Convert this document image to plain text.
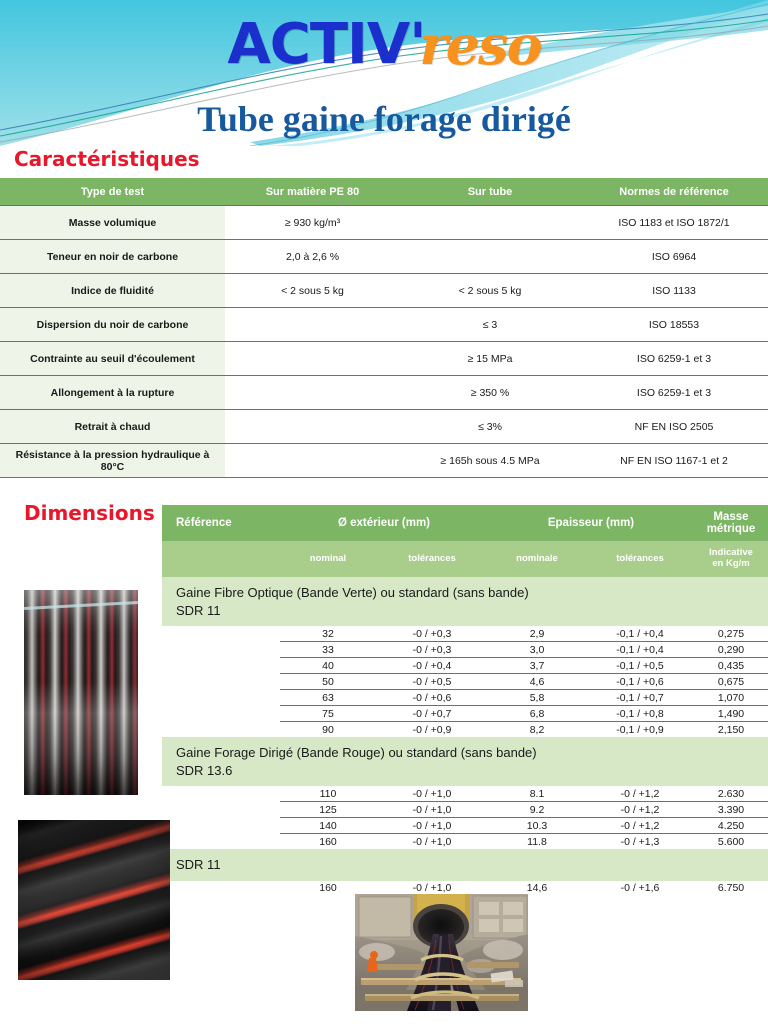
ACTIV'reso
Tube gaine forage dirigé
Caractéristiques
Dimensions
Type de test	Sur matière PE 80	Sur tube	Normes de référence
Masse volumique	≥ 930 kg/m³		ISO 1183 et ISO 1872/1
Teneur en noir de carbone	2,0 à 2,6 %		ISO 6964
Indice de fluidité	< 2 sous 5 kg	< 2 sous 5 kg	ISO 1133
Dispersion du noir de carbone		≤ 3	ISO 18553
Contrainte au seuil d'écoulement		≥ 15 MPa	ISO 6259-1 et 3
Allongement à la rupture		≥ 350 %	ISO 6259-1 et 3
Retrait à chaud		≤ 3%	NF EN ISO 2505
Résistance à la pression hydraulique à 80°C		≥ 165h sous 4.5 MPa	NF EN ISO 1167-1 et 2
Référence	Ø extérieur (mm)		Epaisseur (mm)		Masse métrique
	nominal	tolérances	nominale	tolérances	Indicative
en Kg/m

Gaine Fibre Optique (Bande Verte) ou standard (sans bande)
SDR 11					

	32	-0 / +0,3	2,9	-0,1 / +0,4	0,275
	33	-0 / +0,3	3,0	-0,1 / +0,4	0,290
	40	-0 / +0,4	3,7	-0,1 / +0,5	0,435
	50	-0 / +0,5	4,6	-0,1 / +0,6	0,675
	63	-0 / +0,6	5,8	-0,1 / +0,7	1,070
	75	-0 / +0,7	6,8	-0,1 / +0,8	1,490
	90	-0 / +0,9	8,2	-0,1 / +0,9	2,150

Gaine Forage Dirigé (Bande Rouge) ou standard (sans bande)
SDR 13.6					

	110	-0 / +1,0	8.1	-0 / +1,2	2.630
	125	-0 / +1,0	9.2	-0 / +1,2	3.390
	140	-0 / +1,0	10.3	-0 / +1,2	4.250
	160	-0 / +1,0	11.8	-0 / +1,3	5.600

SDR 11					

	160	-0 / +1,0	14,6	-0 / +1,6	6.750
